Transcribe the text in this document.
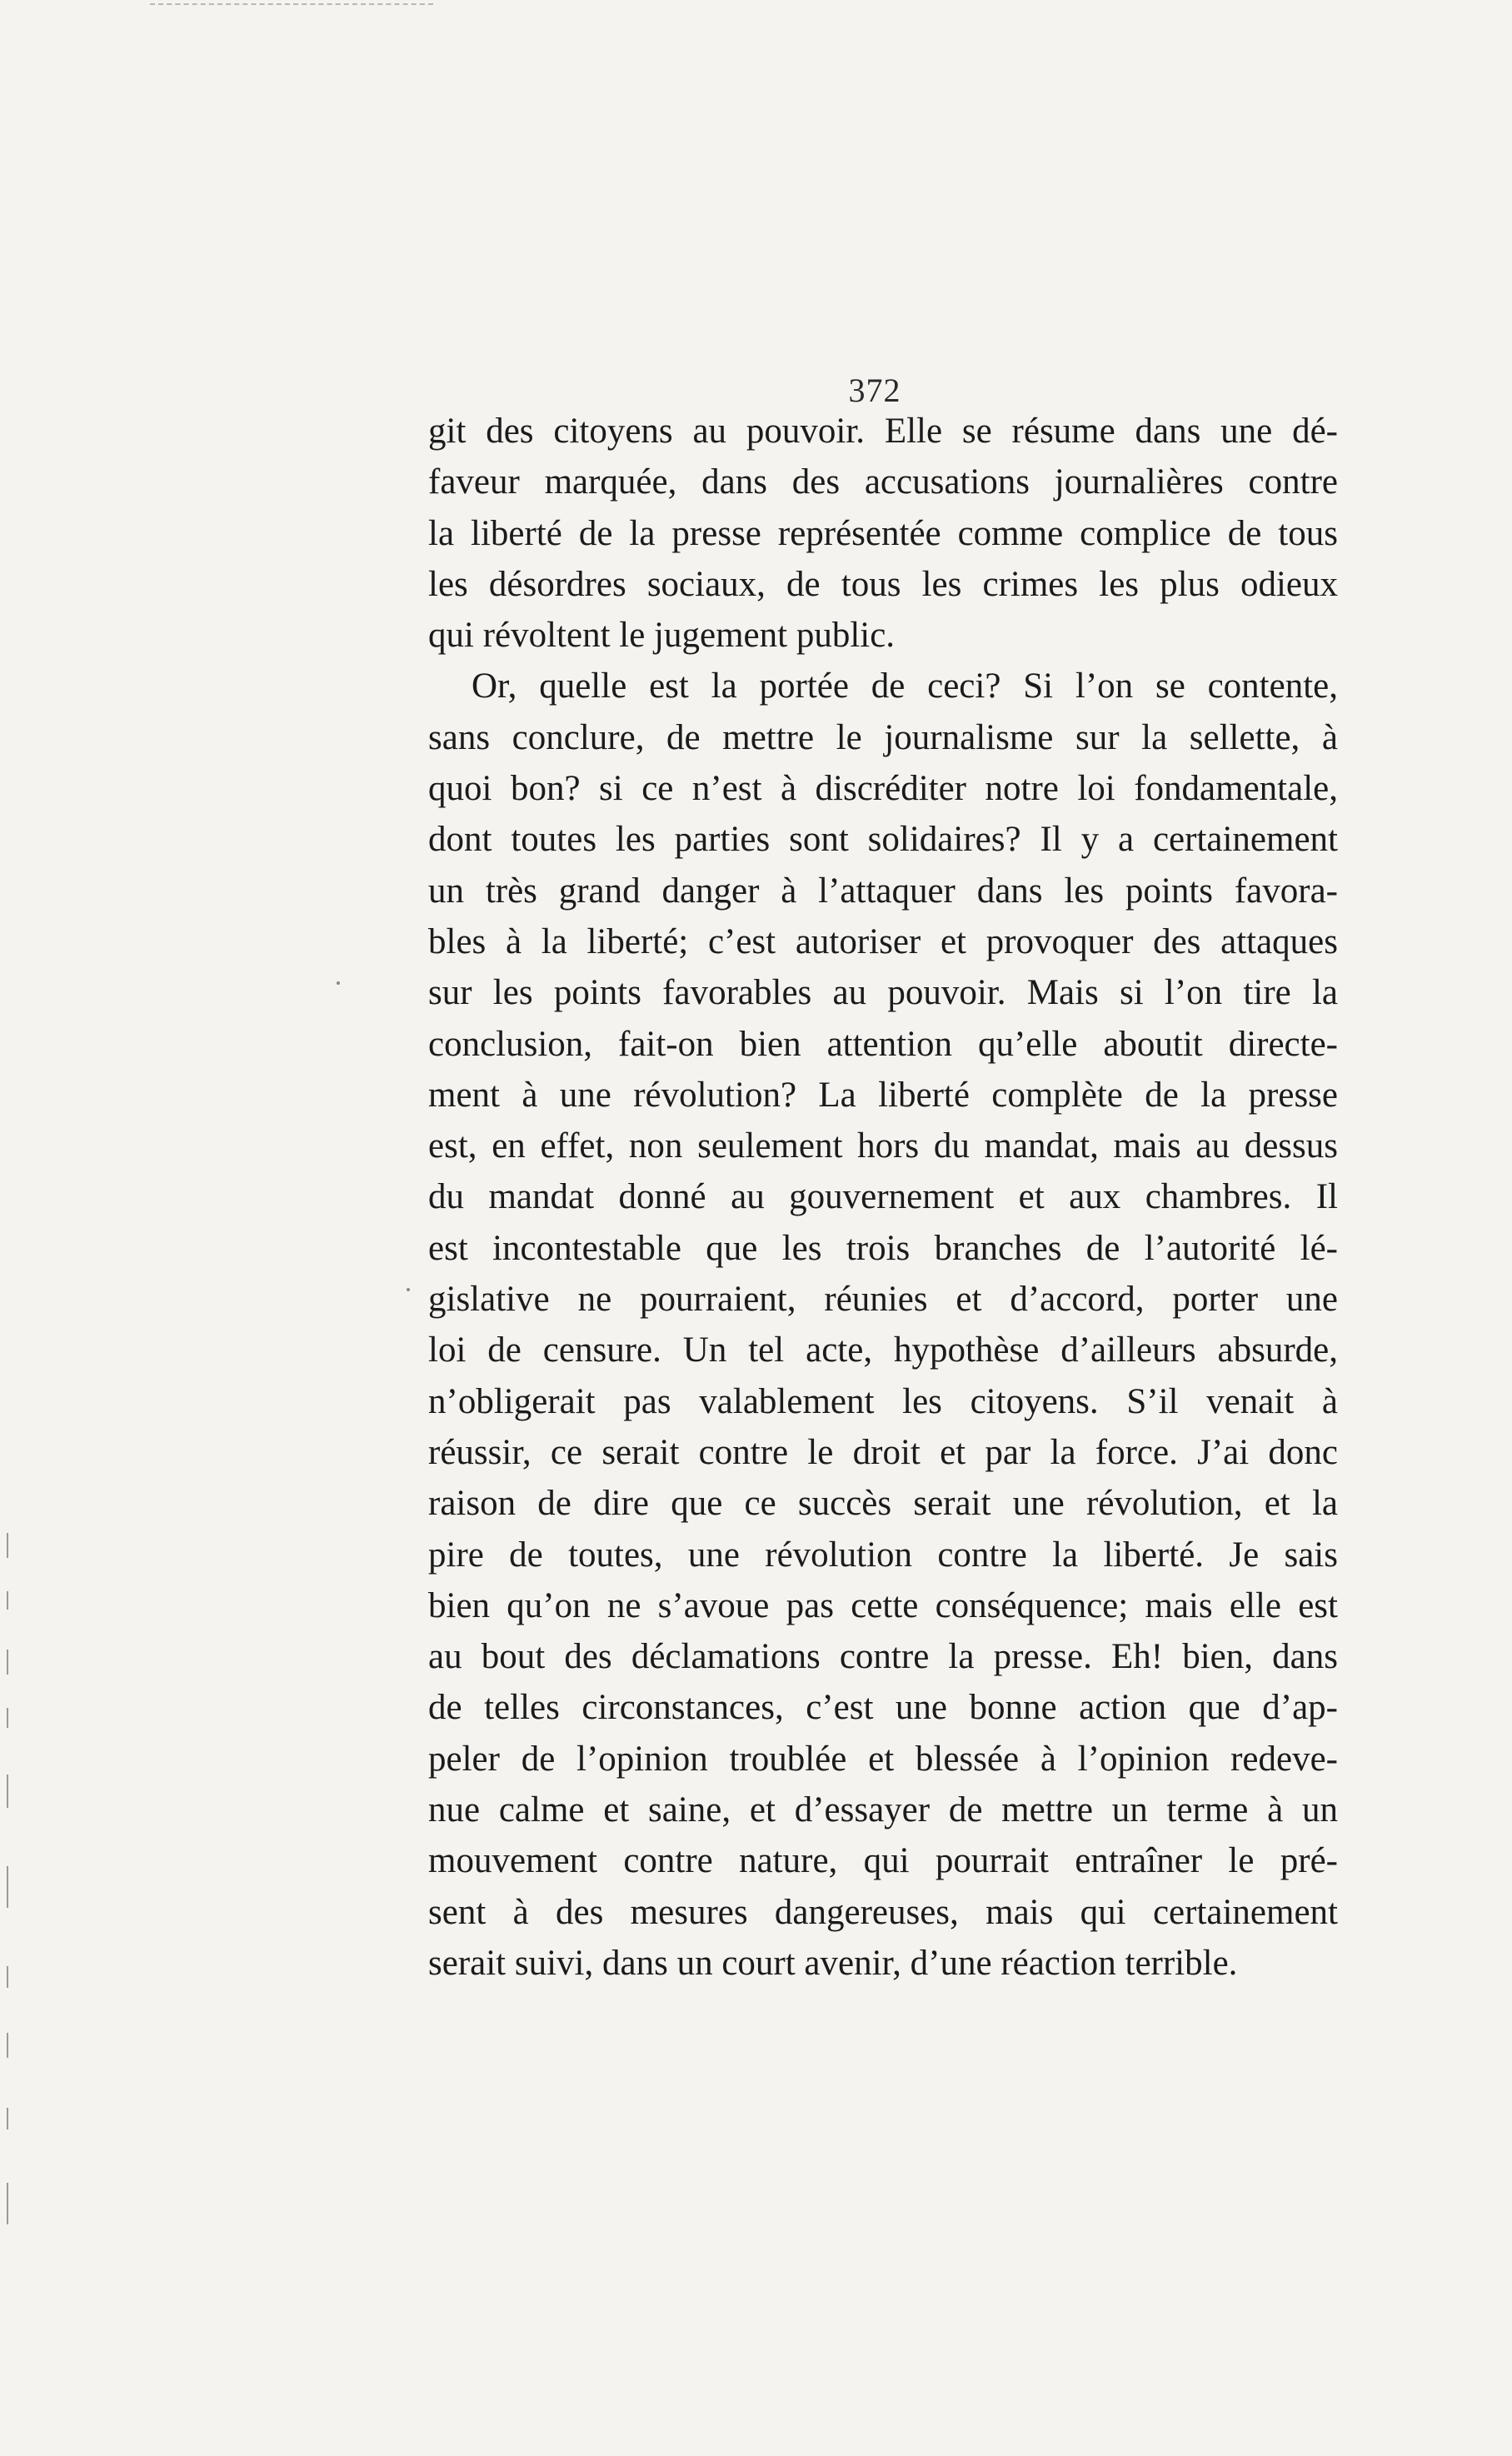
372
git des citoyens au pouvoir. Elle se résume dans une dé-
faveur marquée, dans des accusations journalières contre
la liberté de la presse représentée comme complice de tous
les désordres sociaux, de tous les crimes les plus odieux
qui révoltent le jugement public.
Or, quelle est la portée de ceci? Si l’on se contente,
sans conclure, de mettre le journalisme sur la sellette, à
quoi bon? si ce n’est à discréditer notre loi fondamentale,
dont toutes les parties sont solidaires? Il y a certainement
un très grand danger à l’attaquer dans les points favora-
bles à la liberté; c’est autoriser et provoquer des attaques
sur les points favorables au pouvoir. Mais si l’on tire la
conclusion, fait-on bien attention qu’elle aboutit directe-
ment à une révolution? La liberté complète de la presse
est, en effet, non seulement hors du mandat, mais au dessus
du mandat donné au gouvernement et aux chambres. Il
est incontestable que les trois branches de l’autorité lé-
gislative ne pourraient, réunies et d’accord, porter une
loi de censure. Un tel acte, hypothèse d’ailleurs absurde,
n’obligerait pas valablement les citoyens. S’il venait à
réussir, ce serait contre le droit et par la force. J’ai donc
raison de dire que ce succès serait une révolution, et la
pire de toutes, une révolution contre la liberté. Je sais
bien qu’on ne s’avoue pas cette conséquence; mais elle est
au bout des déclamations contre la presse. Eh! bien, dans
de telles circonstances, c’est une bonne action que d’ap-
peler de l’opinion troublée et blessée à l’opinion redeve-
nue calme et saine, et d’essayer de mettre un terme à un
mouvement contre nature, qui pourrait entraîner le pré-
sent à des mesures dangereuses, mais qui certainement
serait suivi, dans un court avenir, d’une réaction terrible.
